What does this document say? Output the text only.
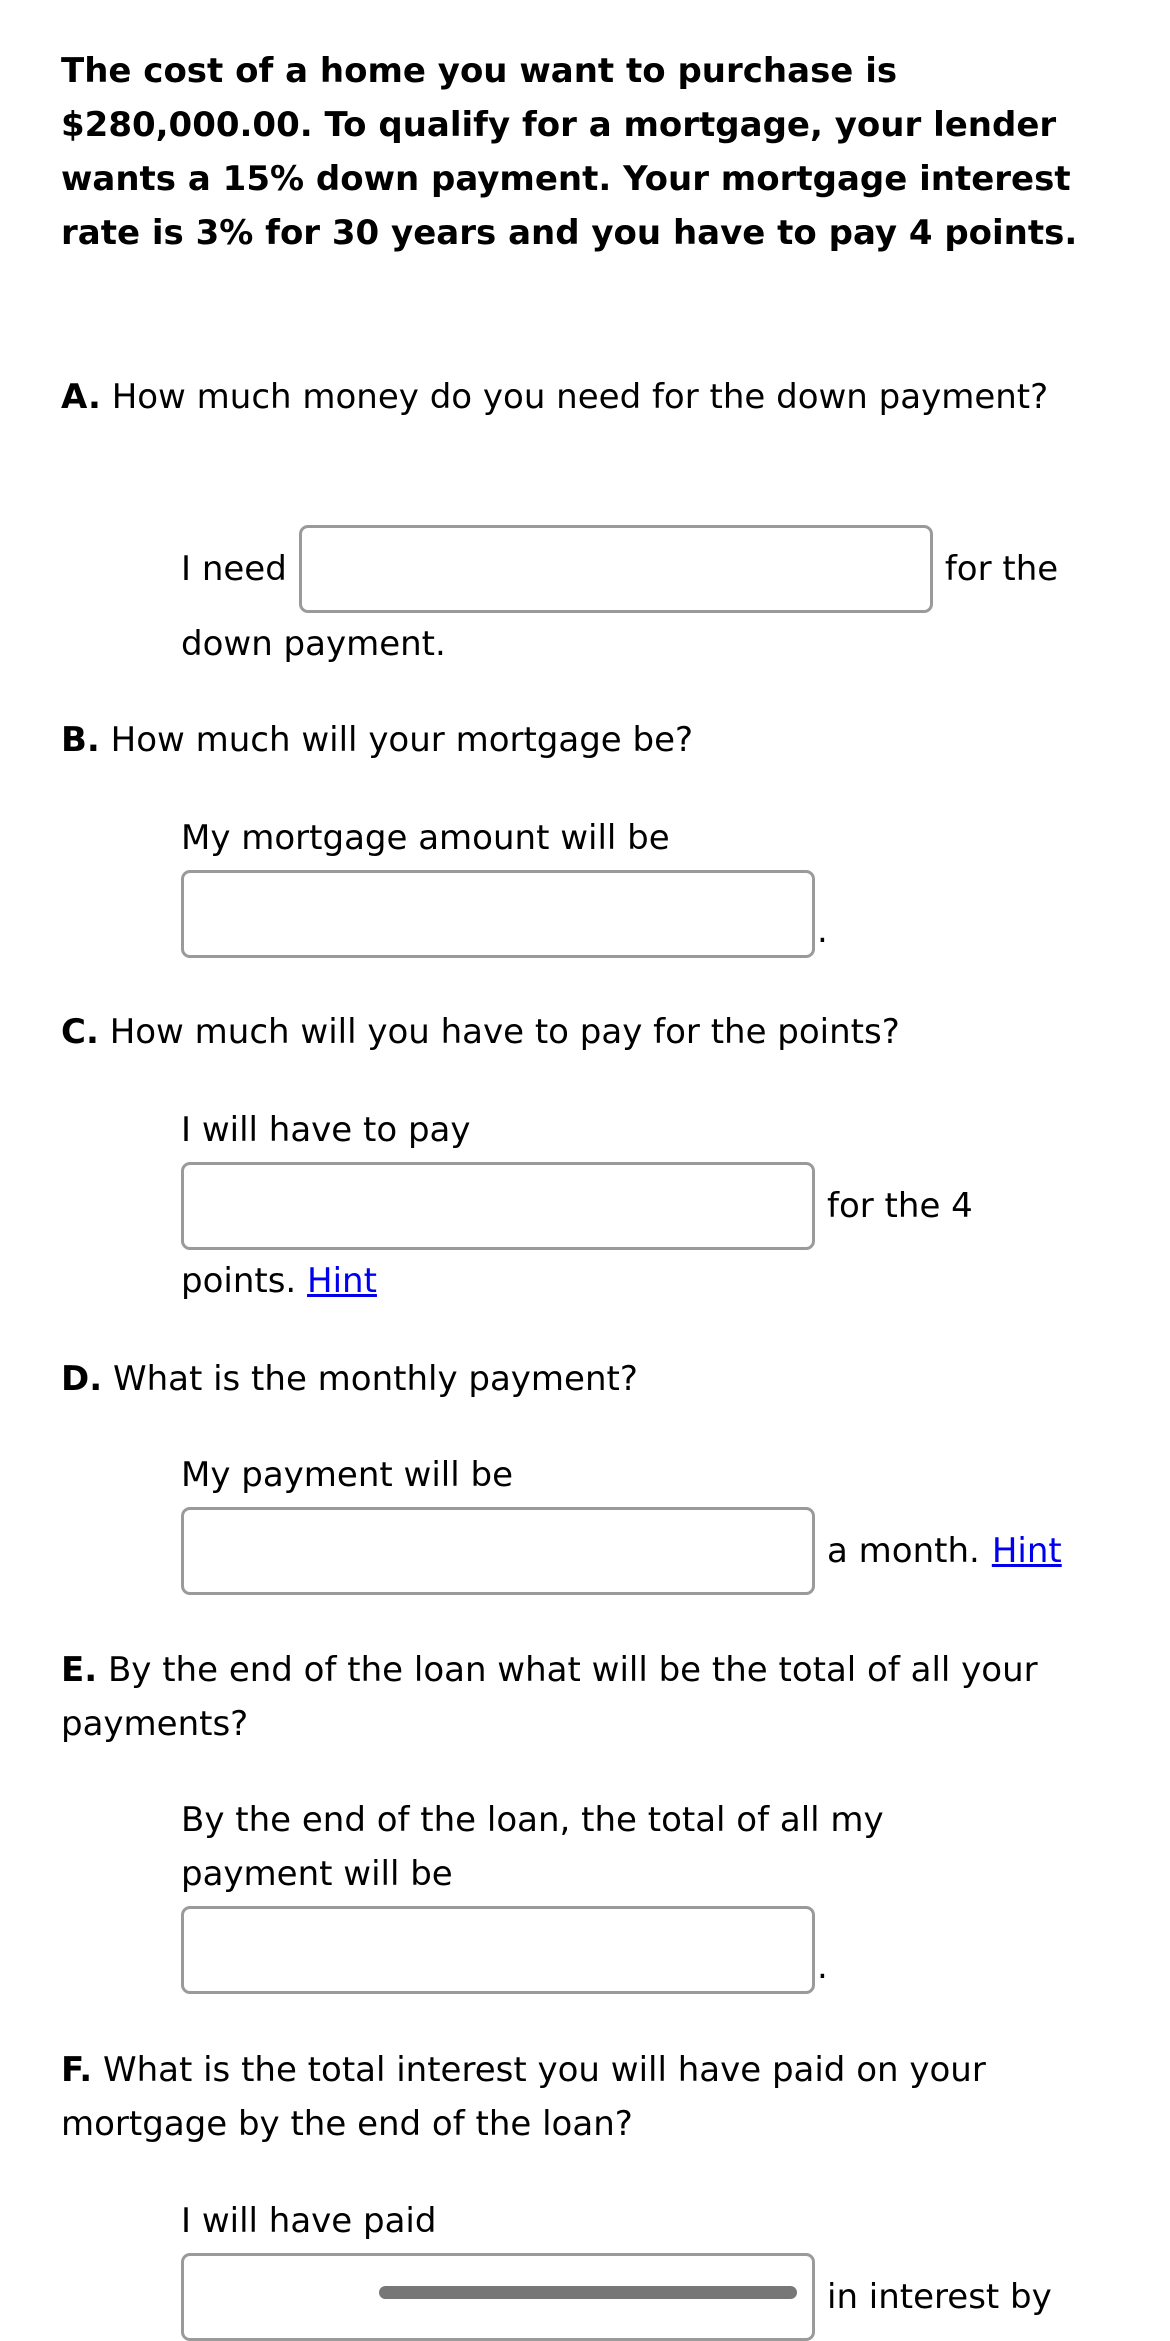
The cost of a home you want to purchase is $280,000.00. To qualify for a mortgage, your lender wants a 15% down payment. Your mortgage interest rate is 3% for 30 years and you have to pay 4 points.
A. How much money do you need for the down payment?
I need	for the
down payment.
B. How much will your mortgage be?
My mortgage amount will be
.
C. How much will you have to pay for the points?
I will have to pay
for the 4
points. Hint
D. What is the monthly payment?
My payment will be
a month. Hint
E. By the end of the loan what will be the total of all your payments?
By the end of the loan, the total of all my payment will be
.
F. What is the total interest you will have paid on your mortgage by the end of the loan?
I will have paid
in interest by
